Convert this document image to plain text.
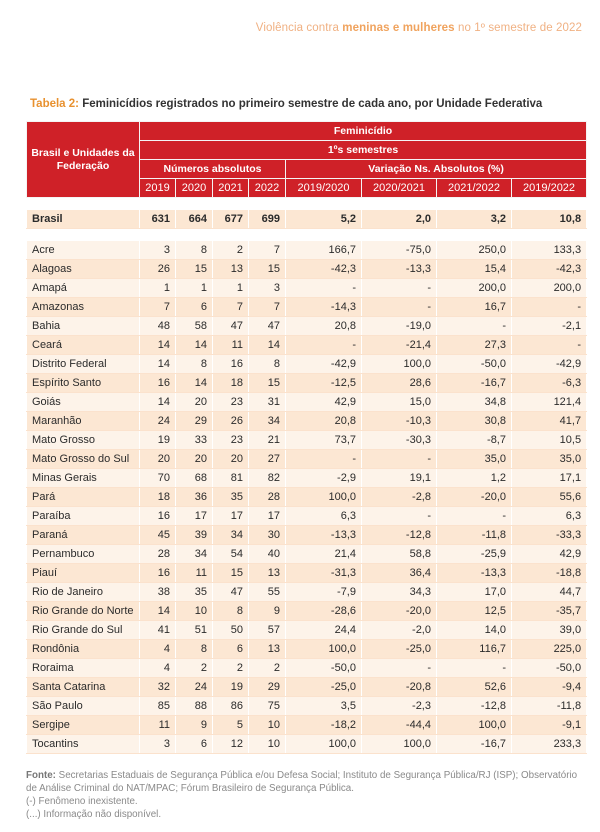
Violência contra meninas e mulheres no 1º semestre de 2022
Tabela 2: Feminicídios registrados no primeiro semestre de cada ano, por Unidade Federativa
Brasil e Unidades da Federação	Feminicídio							
	1ºs semestres							
	Números absolutos				Variação Ns. Absolutos (%)			
	2019	2020	2021	2022	2019/2020	2020/2021	2021/2022	2019/2022

Brasil	631	664	677	699	5,2	2,0	3,2	10,8

Acre	3	8	2	7	166,7	-75,0	250,0	133,3
Alagoas	26	15	13	15	-42,3	-13,3	15,4	-42,3
Amapá	1	1	1	3	-	-	200,0	200,0
Amazonas	7	6	7	7	-14,3	-	16,7	-
Bahia	48	58	47	47	20,8	-19,0	-	-2,1
Ceará	14	14	11	14	-	-21,4	27,3	-
Distrito Federal	14	8	16	8	-42,9	100,0	-50,0	-42,9
Espírito Santo	16	14	18	15	-12,5	28,6	-16,7	-6,3
Goiás	14	20	23	31	42,9	15,0	34,8	121,4
Maranhão	24	29	26	34	20,8	-10,3	30,8	41,7
Mato Grosso	19	33	23	21	73,7	-30,3	-8,7	10,5
Mato Grosso do Sul	20	20	20	27	-	-	35,0	35,0
Minas Gerais	70	68	81	82	-2,9	19,1	1,2	17,1
Pará	18	36	35	28	100,0	-2,8	-20,0	55,6
Paraíba	16	17	17	17	6,3	-	-	6,3
Paraná	45	39	34	30	-13,3	-12,8	-11,8	-33,3
Pernambuco	28	34	54	40	21,4	58,8	-25,9	42,9
Piauí	16	11	15	13	-31,3	36,4	-13,3	-18,8
Rio de Janeiro	38	35	47	55	-7,9	34,3	17,0	44,7
Rio Grande do Norte	14	10	8	9	-28,6	-20,0	12,5	-35,7
Rio Grande do Sul	41	51	50	57	24,4	-2,0	14,0	39,0
Rondônia	4	8	6	13	100,0	-25,0	116,7	225,0
Roraima	4	2	2	2	-50,0	-	-	-50,0
Santa Catarina	32	24	19	29	-25,0	-20,8	52,6	-9,4
São Paulo	85	88	86	75	3,5	-2,3	-12,8	-11,8
Sergipe	11	9	5	10	-18,2	-44,4	100,0	-9,1
Tocantins	3	6	12	10	100,0	100,0	-16,7	233,3
Fonte: Secretarias Estaduais de Segurança Pública e/ou Defesa Social; Instituto de Segurança Pública/RJ (ISP); Observatório de Análise Criminal do NAT/MPAC; Fórum Brasileiro de Segurança Pública.
(-) Fenômeno inexistente.
(...) Informação não disponível.
